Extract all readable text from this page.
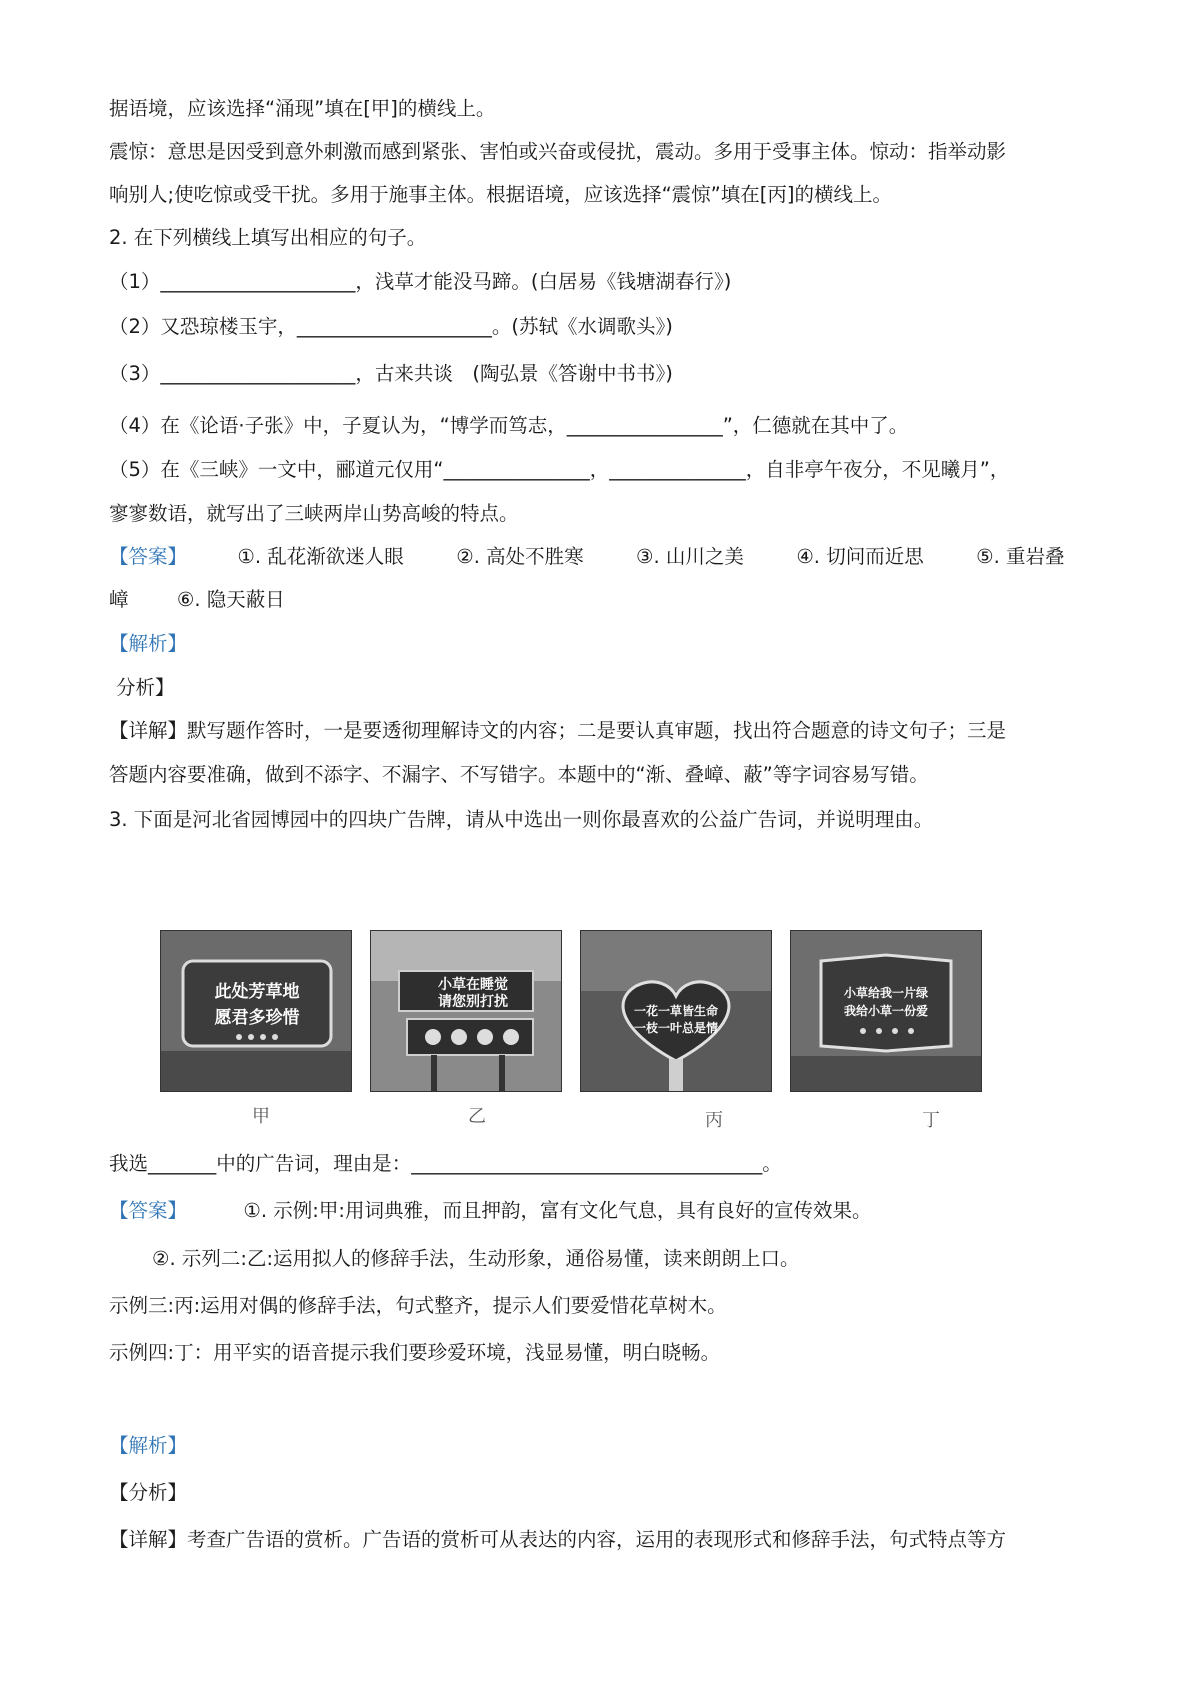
据语境，应该选择“涌现”填在[甲]的横线上。
震惊：意思是因受到意外刺激而感到紧张、害怕或兴奋或侵扰，震动。多用于受事主体。惊动：指举动影
响别人;使吃惊或受干扰。多用于施事主体。根据语境，应该选择“震惊”填在[丙]的横线上。
2. 在下列横线上填写出相应的句子。
（1）____________________，浅草才能没马蹄。(白居易《钱塘湖春行》)
（2）又恐琼楼玉宇，____________________。(苏轼《水调歌头》)
（3）____________________，古来共谈　(陶弘景《答谢中书书》)
（4）在《论语·子张》中，子夏认为，“博学而笃志，________________”，仁德就在其中了。
（5）在《三峡》一文中，郦道元仅用“_______________，______________，自非亭午夜分，不见曦月”，
寥寥数语，就写出了三峡两岸山势高峻的特点。
【答案】	①. 乱花渐欲迷人眼	②. 高处不胜寒	③. 山川之美	④. 切问而近思	⑤. 重岩叠
嶂 ⑥. 隐天蔽日
【解析】
分析】
【详解】默写题作答时，一是要透彻理解诗文的内容；二是要认真审题，找出符合题意的诗文句子；三是
答题内容要准确，做到不添字、不漏字、不写错字。本题中的“渐、叠嶂、蔽”等字词容易写错。
3. 下面是河北省园博园中的四块广告牌，请从中选出一则你最喜欢的公益广告词，并说明理由。
此处芳草地
愿君多珍惜
小草在睡觉
请您别打扰
一花一草皆生命
一枝一叶总是情
小草给我一片绿
我给小草一份爱
甲	乙	丙	丁
我选_______中的广告词，理由是：____________________________________。
【答案】	①. 示例:甲:用词典雅，而且押韵，富有文化气息，具有良好的宣传效果。
②. 示列二:乙:运用拟人的修辞手法，生动形象，通俗易懂，读来朗朗上口。
示例三:丙:运用对偶的修辞手法，句式整齐，提示人们要爱惜花草树木。
示例四:丁：用平实的语音提示我们要珍爱环境，浅显易懂，明白晓畅。
【解析】
【分析】
【详解】考查广告语的赏析。广告语的赏析可从表达的内容，运用的表现形式和修辞手法，句式特点等方
